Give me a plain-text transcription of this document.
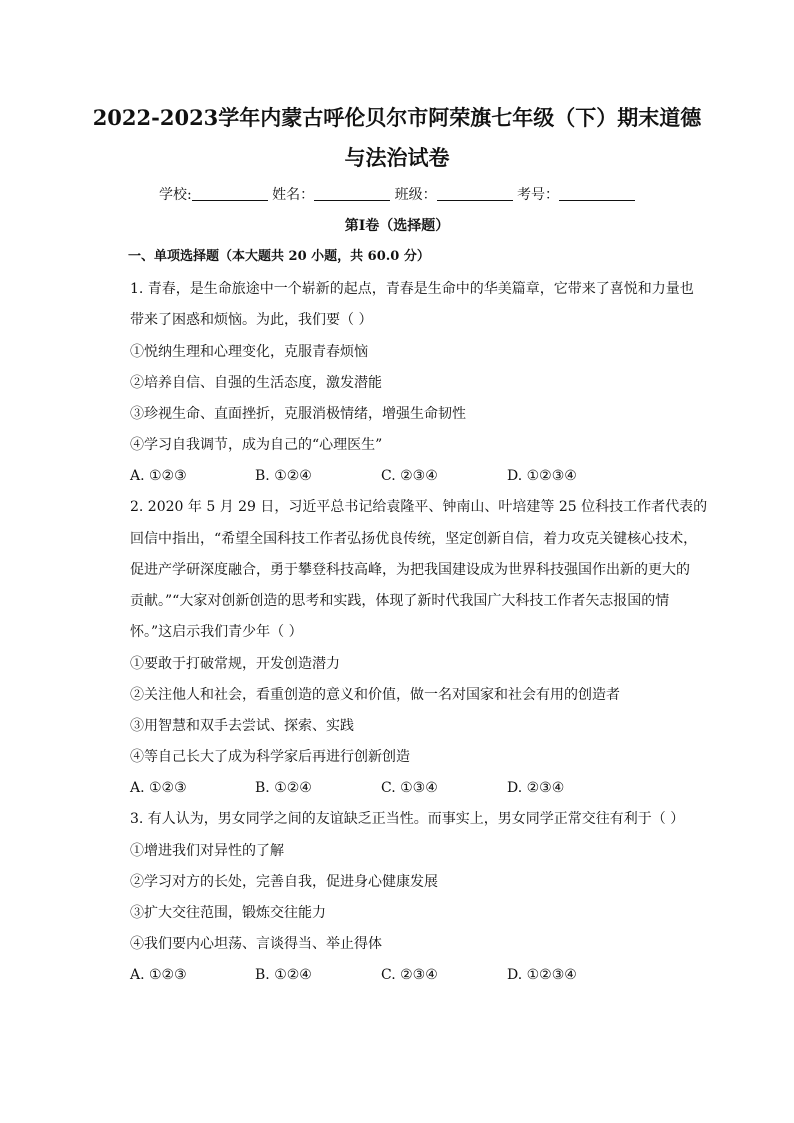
2022-2023学年内蒙古呼伦贝尔市阿荣旗七年级（下）期末道德
与法治试卷
学校:	姓名：	班级：	考号：
第Ⅰ卷（选择题）
一、单项选择题（本大题共 20 小题，共 60.0 分）
1. 青春，是生命旅途中一个崭新的起点，青春是生命中的华美篇章，它带来了喜悦和力量也
带来了困惑和烦恼。为此，我们要（ ）
①悦纳生理和心理变化，克服青春烦恼
②培养自信、自强的生活态度，激发潜能
③珍视生命、直面挫折，克服消极情绪，增强生命韧性
④学习自我调节，成为自己的“心理医生”
A. ①②③	B. ①②④	C. ②③④	D. ①②③④
2. 2020 年 5 月 29 日，习近平总书记给袁隆平、钟南山、叶培建等 25 位科技工作者代表的
回信中指出，“希望全国科技工作者弘扬优良传统，坚定创新自信，着力攻克关键核心技术，
促进产学研深度融合，勇于攀登科技高峰，为把我国建设成为世界科技强国作出新的更大的
贡献。”“大家对创新创造的思考和实践，体现了新时代我国广大科技工作者矢志报国的情
怀。”这启示我们青少年（ ）
①要敢于打破常规，开发创造潜力
②关注他人和社会，看重创造的意义和价值，做一名对国家和社会有用的创造者
③用智慧和双手去尝试、探索、实践
④等自己长大了成为科学家后再进行创新创造
A. ①②③	B. ①②④	C. ①③④	D. ②③④
3. 有人认为，男女同学之间的友谊缺乏正当性。而事实上，男女同学正常交往有利于（ ）
①增进我们对异性的了解
②学习对方的长处，完善自我，促进身心健康发展
③扩大交往范围，锻炼交往能力
④我们要内心坦荡、言谈得当、举止得体
A. ①②③	B. ①②④	C. ②③④	D. ①②③④
